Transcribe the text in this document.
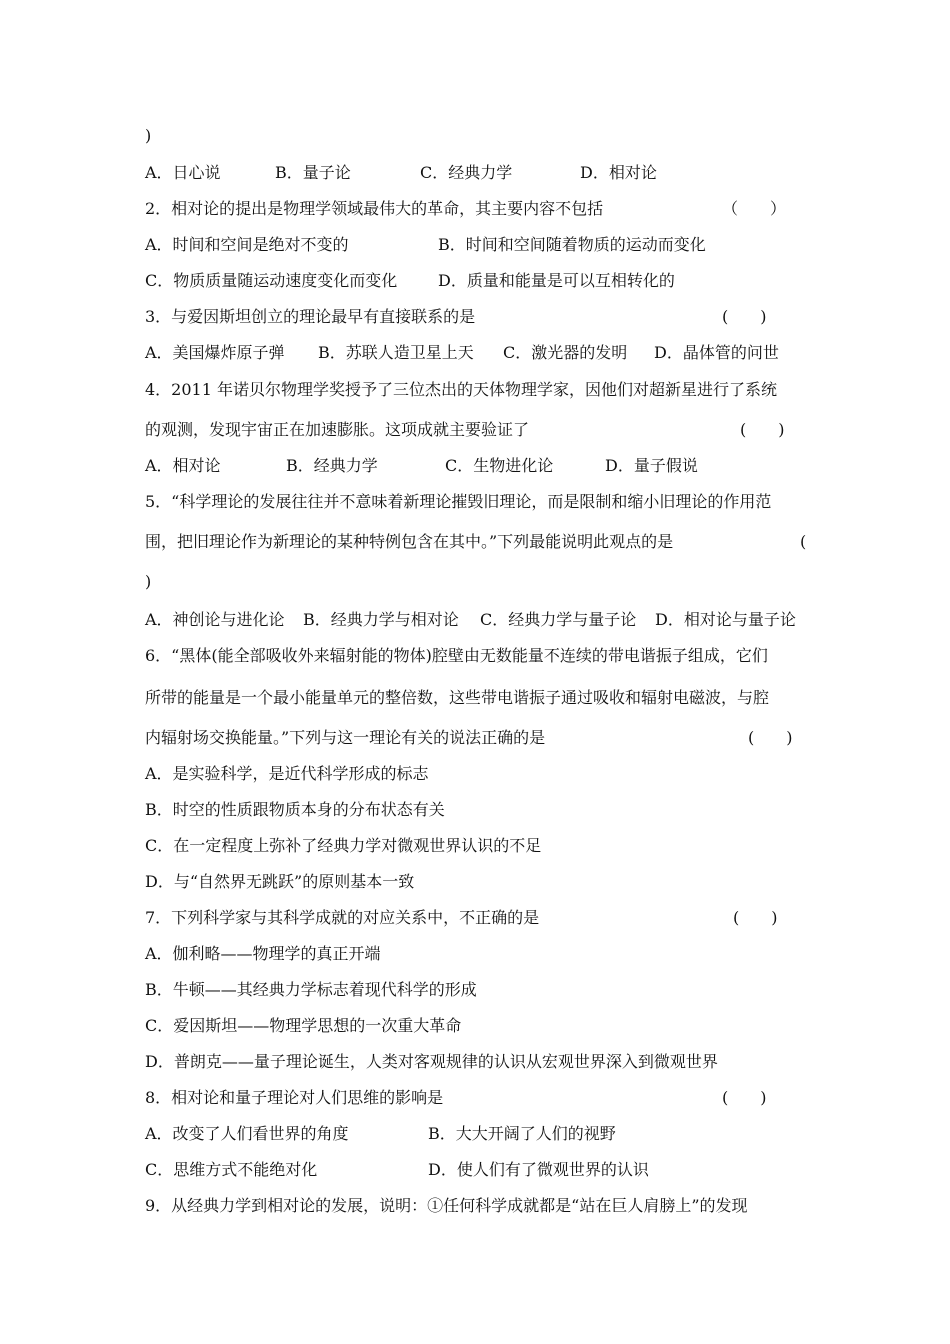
)
A．日心说	B．量子论	C．经典力学	D．相对论
2．相对论的提出是物理学领域最伟大的革命，其主要内容不包括	（　　）
A．时间和空间是绝对不变的	B．时间和空间随着物质的运动而变化
C．物质质量随运动速度变化而变化	D．质量和能量是可以互相转化的
3．与爱因斯坦创立的理论最早有直接联系的是	(　　)
A．美国爆炸原子弹 B．苏联人造卫星上天 C．激光器的发明 D．晶体管的问世
4．2011 年诺贝尔物理学奖授予了三位杰出的天体物理学家，因他们对超新星进行了系统
的观测，发现宇宙正在加速膨胀。这项成就主要验证了	(　　)
A．相对论	B．经典力学	C．生物进化论	D．量子假说
5．“科学理论的发展往往并不意味着新理论摧毁旧理论，而是限制和缩小旧理论的作用范
围，把旧理论作为新理论的某种特例包含在其中。”下列最能说明此观点的是	(
)
A．神创论与进化论 B．经典力学与相对论 C．经典力学与量子论 D．相对论与量子论
6．“黑体(能全部吸收外来辐射能的物体)腔壁由无数能量不连续的带电谐振子组成，它们
所带的能量是一个最小能量单元的整倍数，这些带电谐振子通过吸收和辐射电磁波，与腔
内辐射场交换能量。”下列与这一理论有关的说法正确的是	(　　)
A．是实验科学，是近代科学形成的标志
B．时空的性质跟物质本身的分布状态有关
C．在一定程度上弥补了经典力学对微观世界认识的不足
D．与“自然界无跳跃”的原则基本一致
7．下列科学家与其科学成就的对应关系中，不正确的是	(　　)
A．伽利略——物理学的真正开端
B．牛顿——其经典力学标志着现代科学的形成
C．爱因斯坦——物理学思想的一次重大革命
D．普朗克——量子理论诞生，人类对客观规律的认识从宏观世界深入到微观世界
8．相对论和量子理论对人们思维的影响是	(　　)
A．改变了人们看世界的角度	B．大大开阔了人们的视野
C．思维方式不能绝对化	D．使人们有了微观世界的认识
9．从经典力学到相对论的发展，说明：①任何科学成就都是“站在巨人肩膀上”的发现
